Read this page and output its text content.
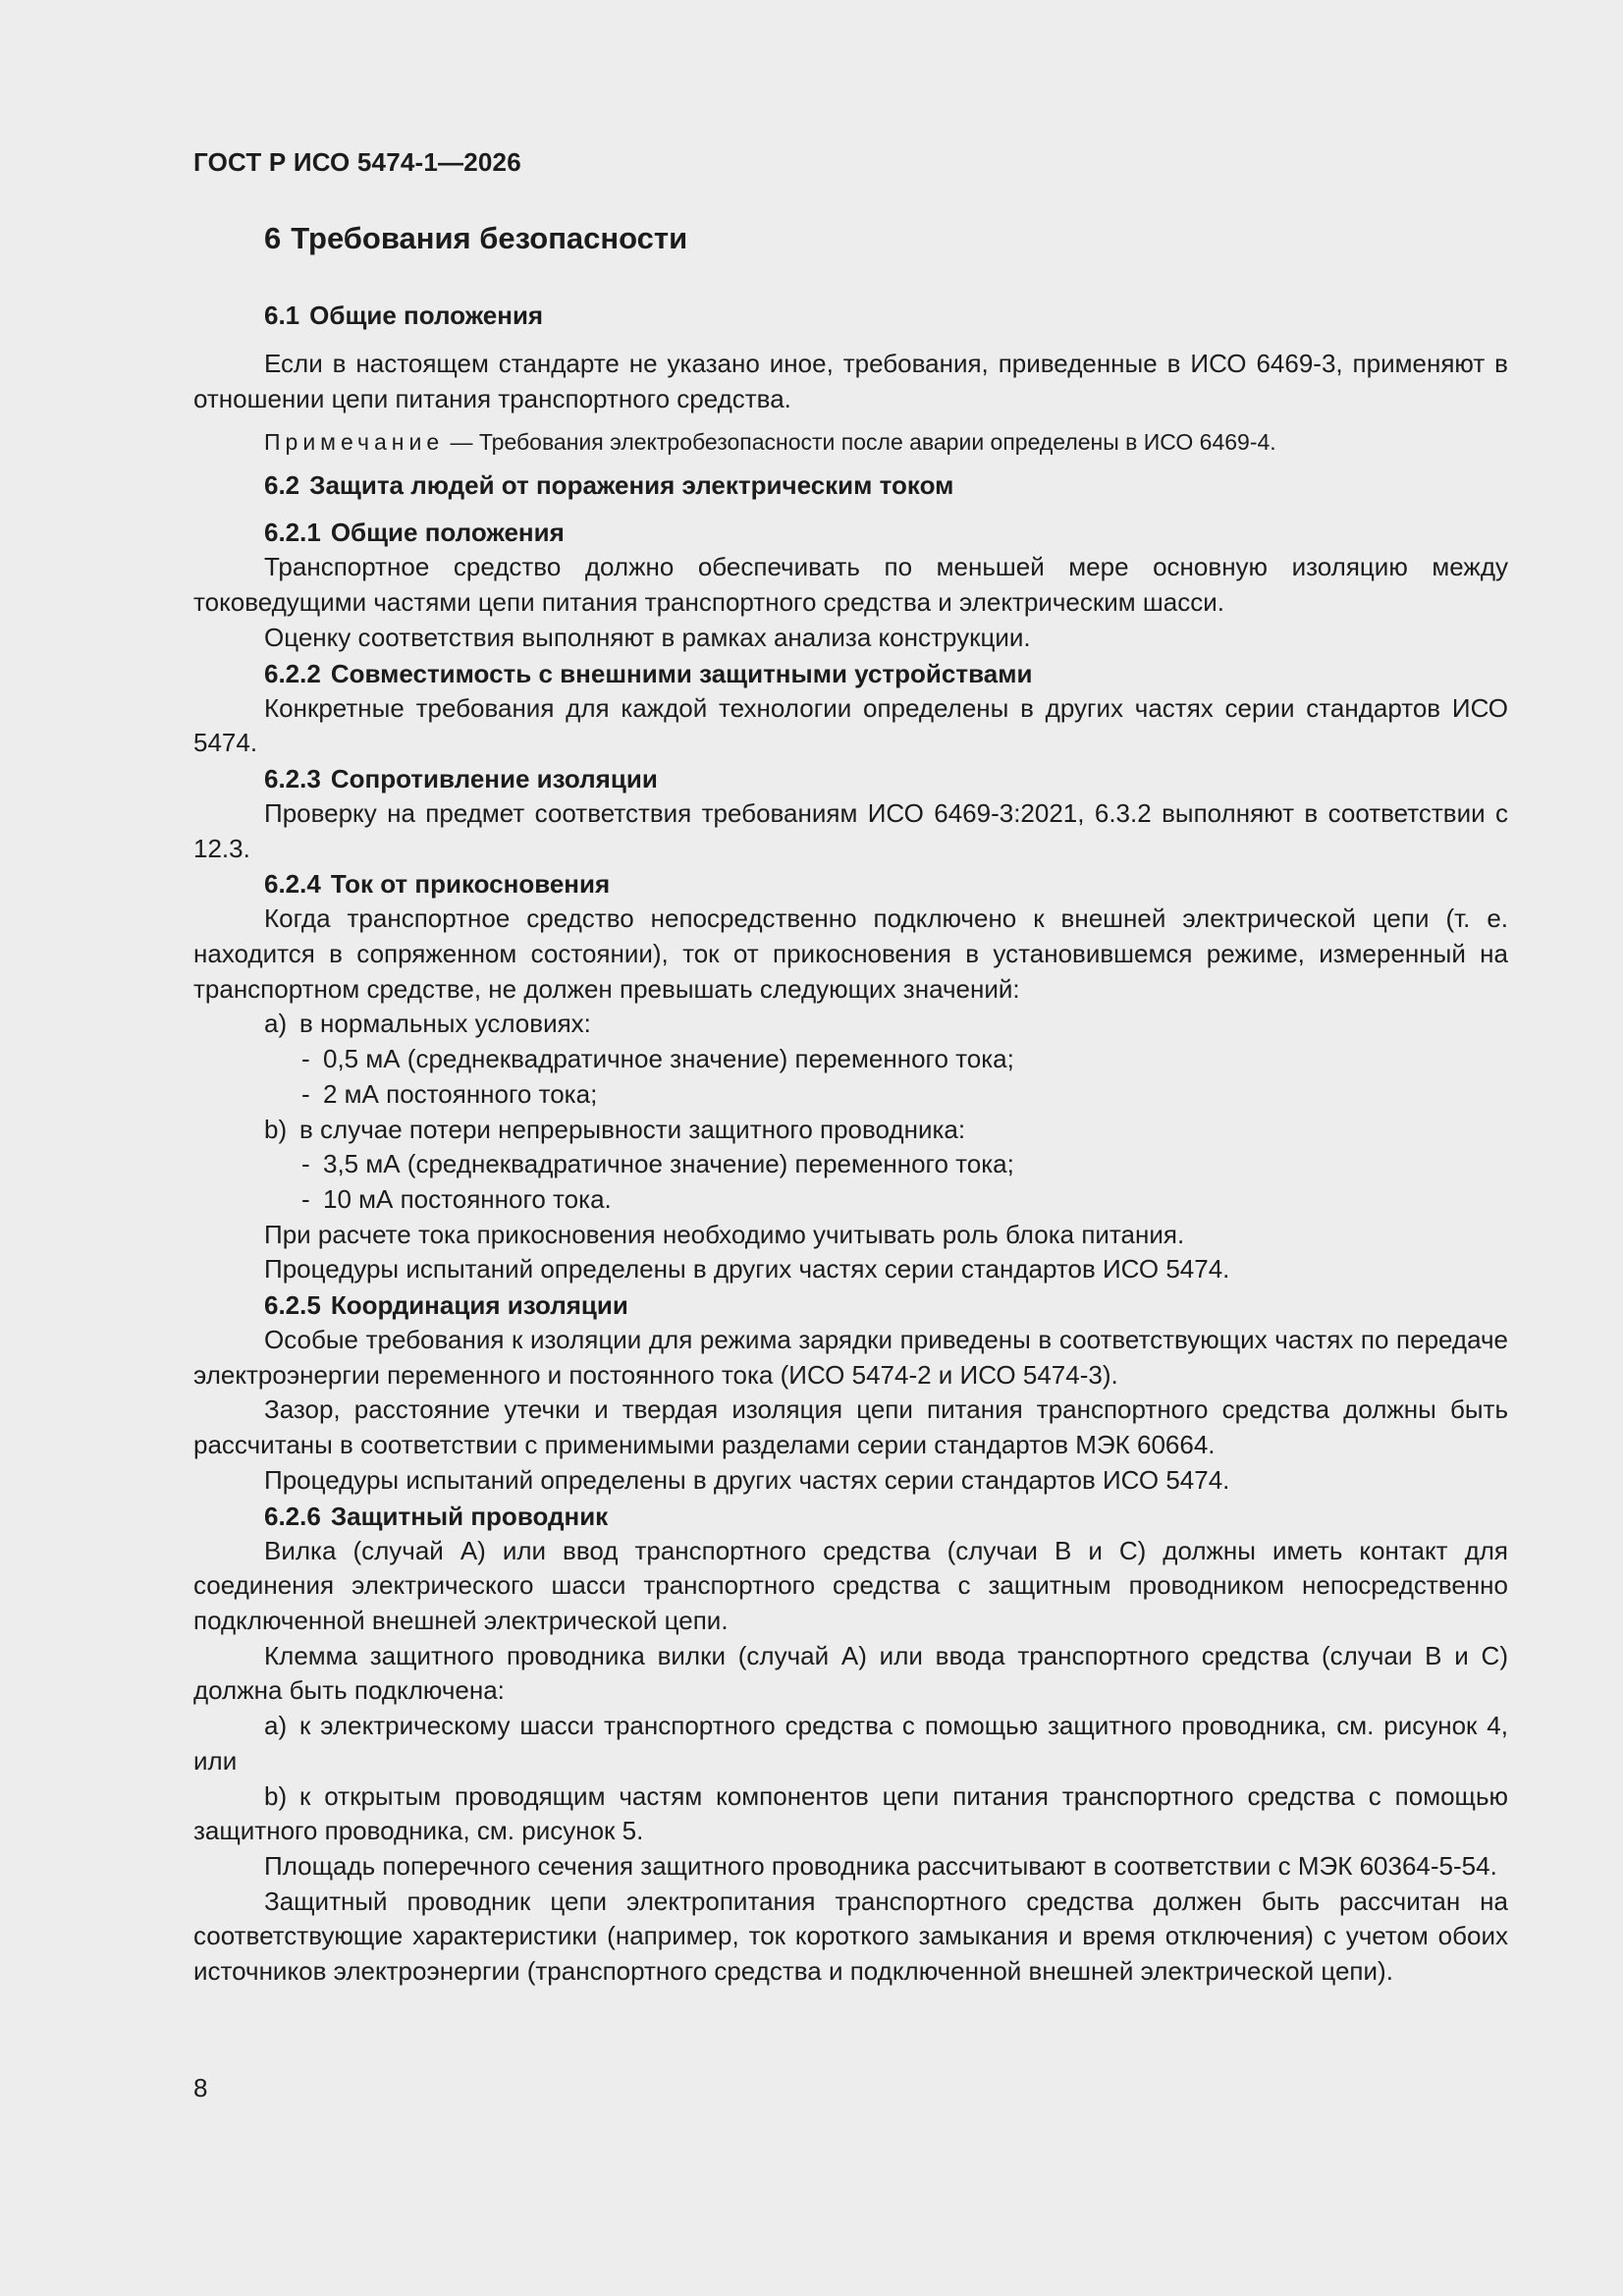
ГОСТ Р ИСО 5474-1—2026
6 Требования безопасности
6.1 Общие положения

Если в настоящем стандарте не указано иное, требования, приведенные в ИСО 6469-3, применяют в отношении цепи питания транспортного средства.

Примечание — Требования электробезопасности после аварии определены в ИСО 6469-4.
6.2 Защита людей от поражения электрическим током
6.2.1 Общие положения

Транспортное средство должно обеспечивать по меньшей мере основную изоляцию между токоведущими частями цепи питания транспортного средства и электрическим шасси.

Оценку соответствия выполняют в рамках анализа конструкции.

6.2.2 Совместимость с внешними защитными устройствами

Конкретные требования для каждой технологии определены в других частях серии стандартов ИСО 5474.

6.2.3 Сопротивление изоляции

Проверку на предмет соответствия требованиям ИСО 6469-3:2021, 6.3.2 выполняют в соответствии с 12.3.

6.2.4 Ток от прикосновения

Когда транспортное средство непосредственно подключено к внешней электрической цепи (т. е. находится в сопряженном состоянии), ток от прикосновения в установившемся режиме, измеренный на транспортном средстве, не должен превышать следующих значений:

a) в нормальных условиях:
- 0,5 мА (среднеквадратичное значение) переменного тока;
- 2 мА постоянного тока;
b) в случае потери непрерывности защитного проводника:
- 3,5 мА (среднеквадратичное значение) переменного тока;
- 10 мА постоянного тока.

При расчете тока прикосновения необходимо учитывать роль блока питания.

Процедуры испытаний определены в других частях серии стандартов ИСО 5474.

6.2.5 Координация изоляции

Особые требования к изоляции для режима зарядки приведены в соответствующих частях по передаче электроэнергии переменного и постоянного тока (ИСО 5474-2 и ИСО 5474-3).

Зазор, расстояние утечки и твердая изоляция цепи питания транспортного средства должны быть рассчитаны в соответствии с применимыми разделами серии стандартов МЭК 60664.

Процедуры испытаний определены в других частях серии стандартов ИСО 5474.

6.2.6 Защитный проводник

Вилка (случай А) или ввод транспортного средства (случаи В и С) должны иметь контакт для соединения электрического шасси транспортного средства с защитным проводником непосредственно подключенной внешней электрической цепи.

Клемма защитного проводника вилки (случай А) или ввода транспортного средства (случаи В и С) должна быть подключена:

a) к электрическому шасси транспортного средства с помощью защитного проводника, см. рисунок 4, или
b) к открытым проводящим частям компонентов цепи питания транспортного средства с помощью защитного проводника, см. рисунок 5.

Площадь поперечного сечения защитного проводника рассчитывают в соответствии с МЭК 60364-5-54.

Защитный проводник цепи электропитания транспортного средства должен быть рассчитан на соответствующие характеристики (например, ток короткого замыкания и время отключения) с учетом обоих источников электроэнергии (транспортного средства и подключенной внешней электрической цепи).

8
